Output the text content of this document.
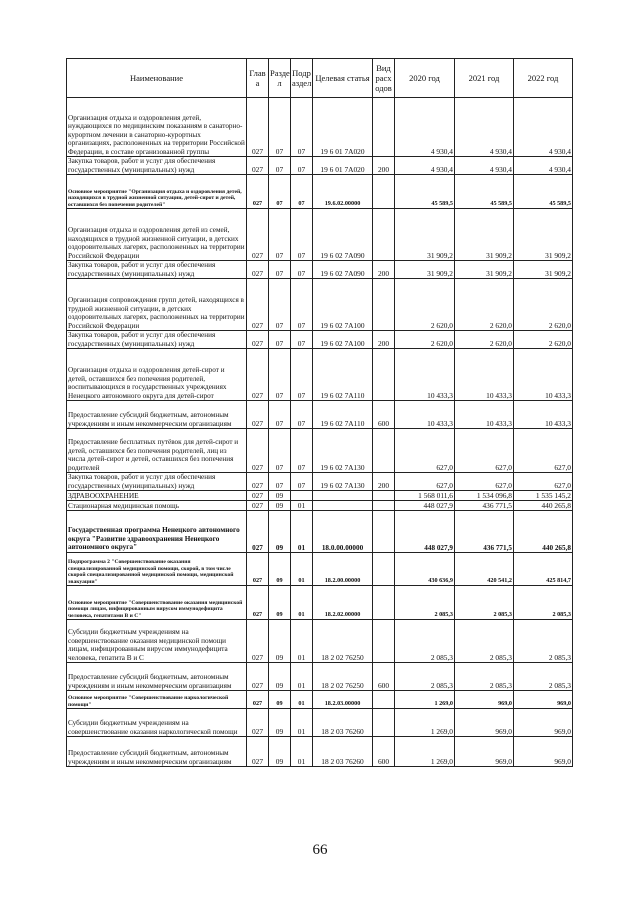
Наименование	Глав а	Разде л	Подр аздел	Целевая статья	Вид расх одов	2020 год	2021 год	2022 год
Организация отдыха и оздоровления детей, нуждающихся по медицинским показаниям в санаторно-курортном лечении в санаторно-курортных организациях, расположенных на территории Российской Федерации, в составе организованной группы	027	07	07	19 6 01 7А020		4 930,4	4 930,4	4 930,4
Закупка товаров, работ и услуг для обеспечения государственных (муниципальных) нужд	027	07	07	19 6 01 7А020	200	4 930,4	4 930,4	4 930,4
Основное мероприятие "Организация отдыха и оздоровления детей, находящихся в трудной жизненной ситуации, детей-сирот и детей, оставшихся без попечения родителей"	027	07	07	19.6.02.00000		45 589,5	45 589,5	45 589,5
Организация отдыха и оздоровления детей из семей, находящихся в трудной жизненной ситуации, в детских оздоровительных лагерях, расположенных на территории Российской Федерации	027	07	07	19 6 02 7А090		31 909,2	31 909,2	31 909,2
Закупка товаров, работ и услуг для обеспечения государственных (муниципальных) нужд	027	07	07	19 6 02 7А090	200	31 909,2	31 909,2	31 909,2
Организация сопровождения групп детей, находящихся в трудной жизненной ситуации, в детских оздоровительных лагерях, расположенных на территории Российской Федерации	027	07	07	19 6 02 7А100		2 620,0	2 620,0	2 620,0
Закупка товаров, работ и услуг для обеспечения государственных (муниципальных) нужд	027	07	07	19 6 02 7А100	200	2 620,0	2 620,0	2 620,0
Организация отдыха и оздоровления детей-сирот и детей, оставшихся без попечения родителей, воспитывающихся в государственных учреждениях Ненецкого автономного округа для детей-сирот	027	07	07	19 6 02 7А110		10 433,3	10 433,3	10 433,3
Предоставление субсидий бюджетным, автономным учреждениям и иным некоммерческим организациям	027	07	07	19 6 02 7А110	600	10 433,3	10 433,3	10 433,3
Предоставление бесплатных путёвок для детей-сирот и детей, оставшихся без попечения родителей, лиц из числа детей-сирот и детей, оставшихся без попечения родителей	027	07	07	19 6 02 7А130		627,0	627,0	627,0
Закупка товаров, работ и услуг для обеспечения государственных (муниципальных) нужд	027	07	07	19 6 02 7А130	200	627,0	627,0	627,0
ЗДРАВООХРАНЕНИЕ	027	09				1 568 011,6	1 534 096,8	1 535 145,2
Стационарная медицинская помощь	027	09	01			448 027,9	436 771,5	440 265,8
Государственная программа Ненецкого автономного округа "Развитие здравоохранения Ненецкого автономного округа"	027	09	01	18.0.00.00000		448 027,9	436 771,5	440 265,8
Подпрограмма 2 "Совершенствование оказания специализированной медицинской помощи, скорой, в том числе скорой специализированной медицинской помощи, медицинской эвакуации"	027	09	01	18.2.00.00000		430 636,9	420 541,2	425 814,7
Основное мероприятие "Совершенствование оказания медицинской помощи лицам, инфицированным вирусом иммунодефицита человека, гепатитами В и С"	027	09	01	18.2.02.00000		2 085,3	2 085,3	2 085,3
Субсидии бюджетным учреждениям на совершенствование оказания медицинской помощи лицам, инфицированным вирусом иммунодефицита человека, гепатита В и С	027	09	01	18 2 02 76250		2 085,3	2 085,3	2 085,3
Предоставление субсидий бюджетным, автономным учреждениям и иным некоммерческим организациям	027	09	01	18 2 02 76250	600	2 085,3	2 085,3	2 085,3
Основное мероприятие "Совершенствование наркологической помощи"	027	09	01	18.2.03.00000		1 269,0	969,0	969,0
Субсидии бюджетным учреждениям на совершенствование оказания наркологической помощи	027	09	01	18 2 03 76260		1 269,0	969,0	969,0
Предоставление субсидий бюджетным, автономным учреждениям и иным некоммерческим организациям	027	09	01	18 2 03 76260	600	1 269,0	969,0	969,0
66
